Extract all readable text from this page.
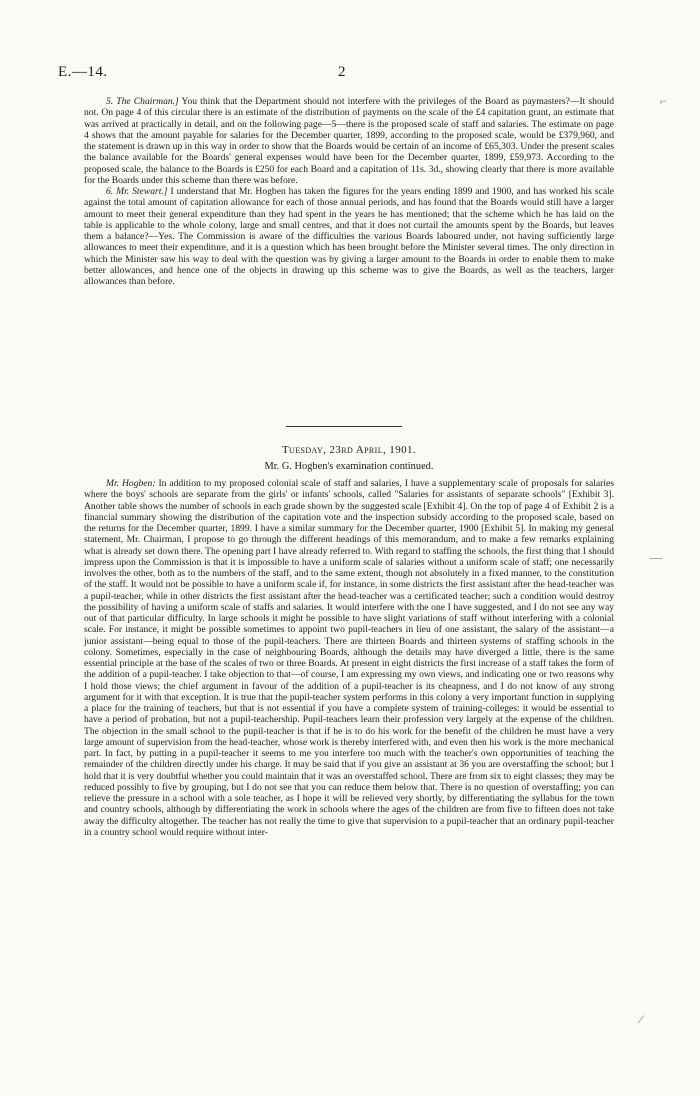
E.—14.	2

5. The Chairman.] You think that the Department should not interfere with the privileges of the Board as paymasters?—It should not. On page 4 of this circular there is an estimate of the distribution of payments on the scale of the £4 capitation grant, an estimate that was arrived at practically in detail, and on the following page—5—there is the proposed scale of staff and salaries. The estimate on page 4 shows that the amount payable for salaries for the December quarter, 1899, according to the proposed scale, would be £379,960, and the statement is drawn up in this way in order to show that the Boards would be certain of an income of £65,303. Under the present scales the balance available for the Boards' general expenses would have been for the December quarter, 1899, £59,973. According to the proposed scale, the balance to the Boards is £250 for each Board and a capitation of 11s. 3d., showing clearly that there is more available for the Boards under this scheme than there was before.

6. Mr. Stewart.] I understand that Mr. Hogben has taken the figures for the years ending 1899 and 1900, and has worked his scale against the total amount of capitation allowance for each of those annual periods, and has found that the Boards would still have a larger amount to meet their general expenditure than they had spent in the years he has mentioned; that the scheme which he has laid on the table is applicable to the whole colony, large and small centres, and that it does not curtail the amounts spent by the Boards, but leaves them a balance?—Yes. The Commission is aware of the difficulties the various Boards laboured under, not having sufficiently large allowances to meet their expenditure, and it is a question which has been brought before the Minister several times. The only direction in which the Minister saw his way to deal with the question was by giving a larger amount to the Boards in order to enable them to make better allowances, and hence one of the objects in drawing up this scheme was to give the Boards, as well as the teachers, larger allowances than before.

Tuesday, 23rd April, 1901.
Mr. G. Hogben's examination continued.

Mr. Hogben: In addition to my proposed colonial scale of staff and salaries, I have a supplementary scale of proposals for salaries where the boys' schools are separate from the girls' or infants' schools, called "Salaries for assistants of separate schools" [Exhibit 3]. Another table shows the number of schools in each grade shown by the suggested scale [Exhibit 4]. On the top of page 4 of Exhibit 2 is a financial summary showing the distribution of the capitation vote and the inspection subsidy according to the proposed scale, based on the returns for the December quarter, 1899. I have a similar summary for the December quarter, 1900 [Exhibit 5]. In making my general statement, Mr. Chairman, I propose to go through the different headings of this memorandum, and to make a few remarks explaining what is already set down there. The opening part I have already referred to. With regard to staffing the schools, the first thing that I should impress upon the Commission is that it is impossible to have a uniform scale of salaries without a uniform scale of staff; one necessarily involves the other, both as to the numbers of the staff, and to the same extent, though not absolutely in a fixed manner, to the constitution of the staff. It would not be possible to have a uniform scale if, for instance, in some districts the first assistant after the head-teacher was a pupil-teacher, while in other districts the first assistant after the head-teacher was a certificated teacher; such a condition would destroy the possibility of having a uniform scale of staffs and salaries. It would interfere with the one I have suggested, and I do not see any way out of that particular difficulty. In large schools it might be possible to have slight variations of staff without interfering with a colonial scale. For instance, it might be possible sometimes to appoint two pupil-teachers in lieu of one assistant, the salary of the assistant—a junior assistant—being equal to those of the pupil-teachers. There are thirteen Boards and thirteen systems of staffing schools in the colony. Sometimes, especially in the case of neighbouring Boards, although the details may have diverged a little, there is the same essential principle at the base of the scales of two or three Boards. At present in eight districts the first increase of a staff takes the form of the addition of a pupil-teacher. I take objection to that—of course, I am expressing my own views, and indicating one or two reasons why I hold those views; the chief argument in favour of the addition of a pupil-teacher is its cheapness, and I do not know of any strong argument for it with that exception. It is true that the pupil-teacher system performs in this colony a very important function in supplying a place for the training of teachers, but that is not essential if you have a complete system of training-colleges: it would be essential to have a period of probation, but not a pupil-teachership. Pupil-teachers learn their profession very largely at the expense of the children. The objection in the small school to the pupil-teacher is that if he is to do his work for the benefit of the children he must have a very large amount of supervision from the head-teacher, whose work is thereby interfered with, and even then his work is the more mechanical part. In fact, by putting in a pupil-teacher it seems to me you interfere too much with the teacher's own opportunities of teaching the remainder of the children directly under his charge. It may be said that if you give an assistant at 36 you are overstaffing the school; but I hold that it is very doubtful whether you could maintain that it was an overstaffed school. There are from six to eight classes; they may be reduced possibly to five by grouping, but I do not see that you can reduce them below that. There is no question of overstaffing; you can relieve the pressure in a school with a sole teacher, as I hope it will be relieved very shortly, by differentiating the syllabus for the town and country schools, although by differentiating the work in schools where the ages of the children are from five to fifteen does not take away the difficulty altogether. The teacher has not really the time to give that supervision to a pupil-teacher that an ordinary pupil-teacher in a country school would require without inter-

⌐
—
⁄
